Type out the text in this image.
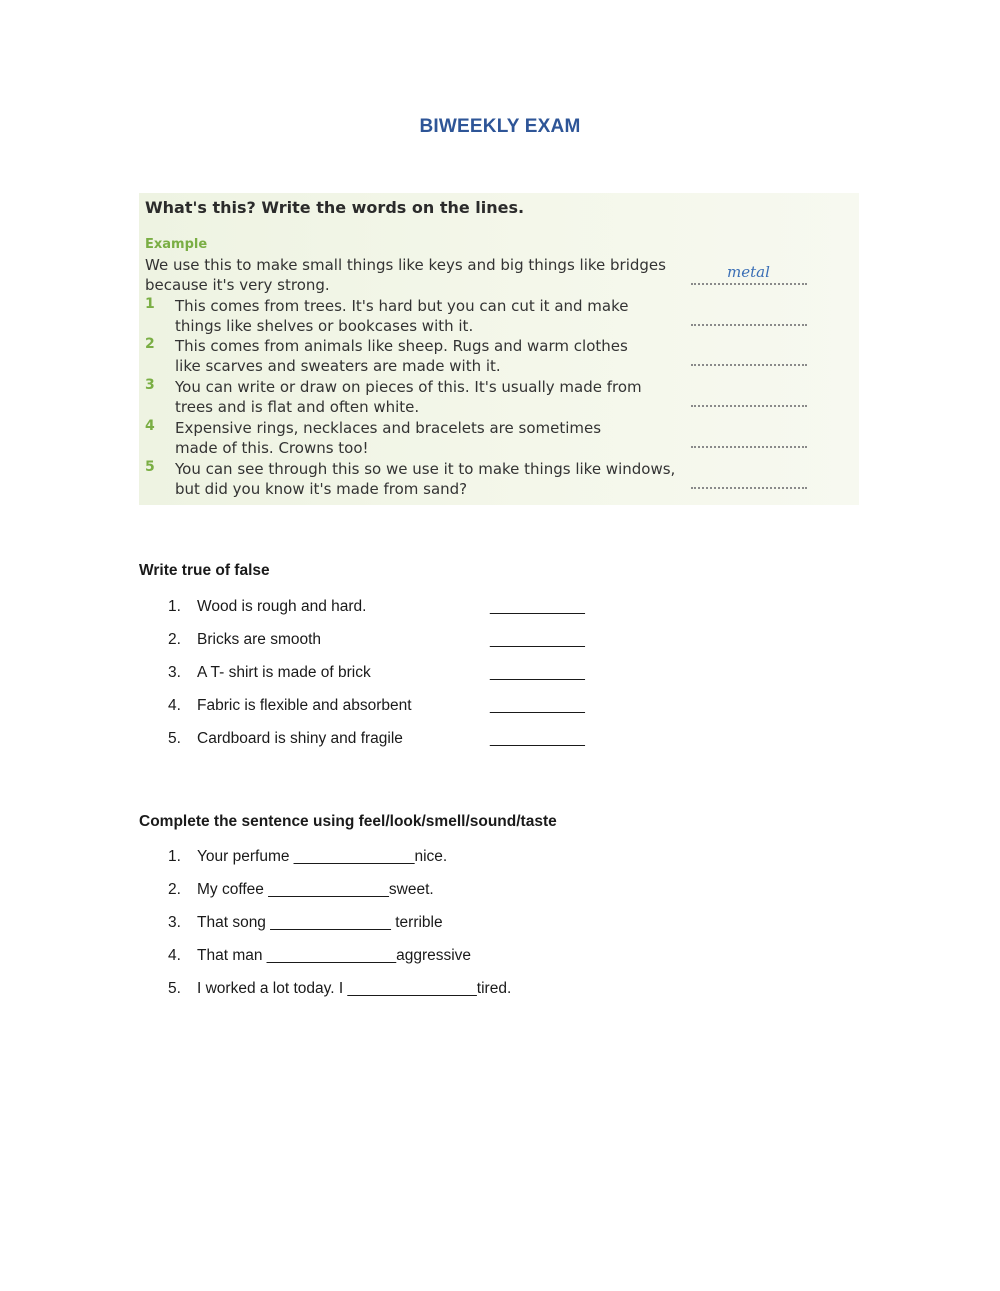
BIWEEKLY EXAM
What's this? Write the words on the lines.
Example
We use this to make small things like keys and big things like bridges
because it's very strong.
metal
1 This comes from trees. It's hard but you can cut it and make
things like shelves or bookcases with it.
2 This comes from animals like sheep. Rugs and warm clothes
like scarves and sweaters are made with it.
3 You can write or draw on pieces of this. It's usually made from
trees and is flat and often white.
4 Expensive rings, necklaces and bracelets are sometimes
made of this. Crowns too!
5 You can see through this so we use it to make things like windows,
but did you know it's made from sand?
Write true of false

1.

	Wood is rough and hard.

	___________

2.

	Bricks are smooth

	___________

3.

	A T- shirt is made of brick

	___________

4.

	Fabric is flexible and absorbent

	___________

5.

	Cardboard is shiny and fragile

	___________

Complete the sentence using feel/look/smell/sound/taste

1.

	Your perfume ______________nice.

2.

	My coffee ______________sweet.

3.

	That song ______________ terrible

4.

	That man _______________aggressive

5.

	I worked a lot today. I _______________tired.
